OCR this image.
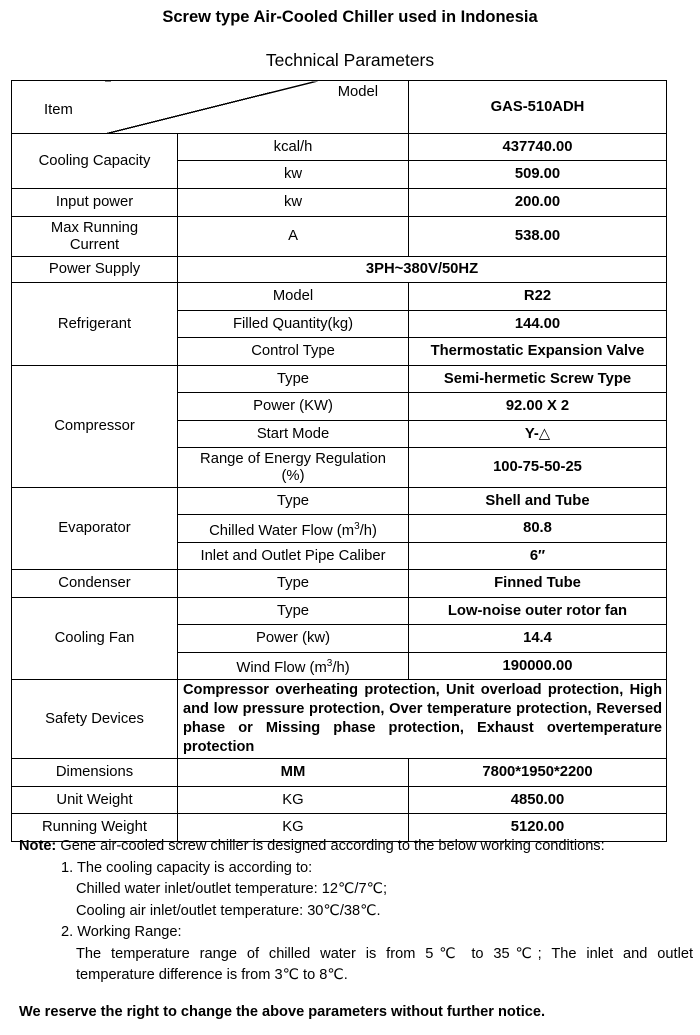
Screw type Air-Cooled Chiller used in Indonesia
Technical Parameters
Model
Item		GAS-510ADH
Cooling Capacity	kcal/h	437740.00
	kw	509.00
Input power	kw	200.00
Max Running Current	A	538.00
Power Supply	3PH~380V/50HZ	
Refrigerant	Model	R22
	Filled Quantity(kg)	144.00
	Control Type	Thermostatic Expansion Valve
Compressor	Type	Semi-hermetic Screw Type
	Power (KW)	92.00 X 2
	Start Mode	Y-△
	Range of Energy Regulation (%)	100-75-50-25
Evaporator	Type	Shell and Tube
	Chilled Water Flow $(m^3/h)$	80.8
	Inlet and Outlet Pipe Caliber	6″
Condenser	Type	Finned Tube
Cooling Fan	Type	Low-noise outer rotor fan
	Power (kw)	14.4
	Wind Flow $(m^3/h)$	190000.00
Safety Devices	Compressor overheating protection, Unit overload protection, High and low pressure protection, Over temperature protection, Reversed phase or Missing phase protection, Exhaust overtemperature protection	
Dimensions	MM	7800*1950*2200
Unit Weight	KG	4850.00
Running Weight	KG	5120.00
Note: Gene air-cooled screw chiller is designed according to the below working conditions:
1. The cooling capacity is according to:
Chilled water inlet/outlet temperature: 12℃/7℃;
Cooling air inlet/outlet temperature: 30℃/38℃.
2. Working Range:
The temperature range of chilled water is from 5℃ to 35℃; The inlet and outlet
temperature difference is from 3℃ to 8℃.
We reserve the right to change the above parameters without further notice.
